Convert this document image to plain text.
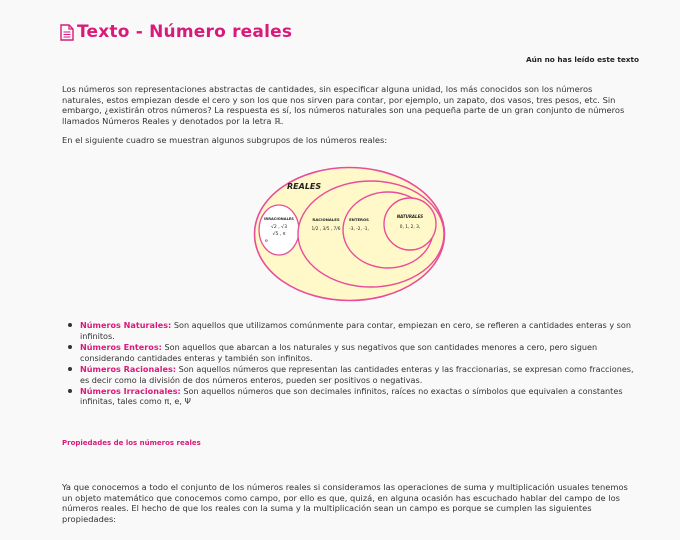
Texto - Número reales
Aún no has leído este texto

Los números son representaciones abstractas de cantidades, sin especificar alguna unidad, los más conocidos son los números naturales, estos empiezan desde el cero y son los que nos sirven para contar, por ejemplo, un zapato, dos vasos, tres pesos, etc. Sin embargo, ¿existirán otros números? La respuesta es sí, los números naturales son una pequeña parte de un gran conjunto de números llamados Números Reales y denotados por la letra ℝ.

En el siguiente cuadro se muestran algunos subgrupos de los números reales:

REALES
IRRACIONALES
√2 , √3
√5 , π
e
RACIONALES
1/2 , 3/5 , 7/6
ENTEROS
-3, -2, -1,
NATURALES
0, 1, 2, 3,
Números Naturales: Son aquellos que utilizamos comúnmente para contar, empiezan en cero, se refieren a cantidades enteras y son infinitos.
Números Enteros: Son aquellos que abarcan a los naturales y sus negativos que son cantidades menores a cero, pero siguen considerando cantidades enteras y también son infinitos.
Números Racionales: Son aquellos números que representan las cantidades enteras y las fraccionarias, se expresan como fracciones, es decir como la división de dos números enteros, pueden ser positivos o negativas.
Números Irracionales: Son aquellos números que son decimales infinitos, raíces no exactas o símbolos que equivalen a constantes infinitas, tales como π, e, Ψ
Propiedades de los números reales

Ya que conocemos a todo el conjunto de los números reales si consideramos las operaciones de suma y multiplicación usuales tenemos un objeto matemático que conocemos como campo, por ello es que, quizá, en alguna ocasión has escuchado hablar del campo de los números reales. El hecho de que los reales con la suma y la multiplicación sean un campo es porque se cumplen las siguientes propiedades:
